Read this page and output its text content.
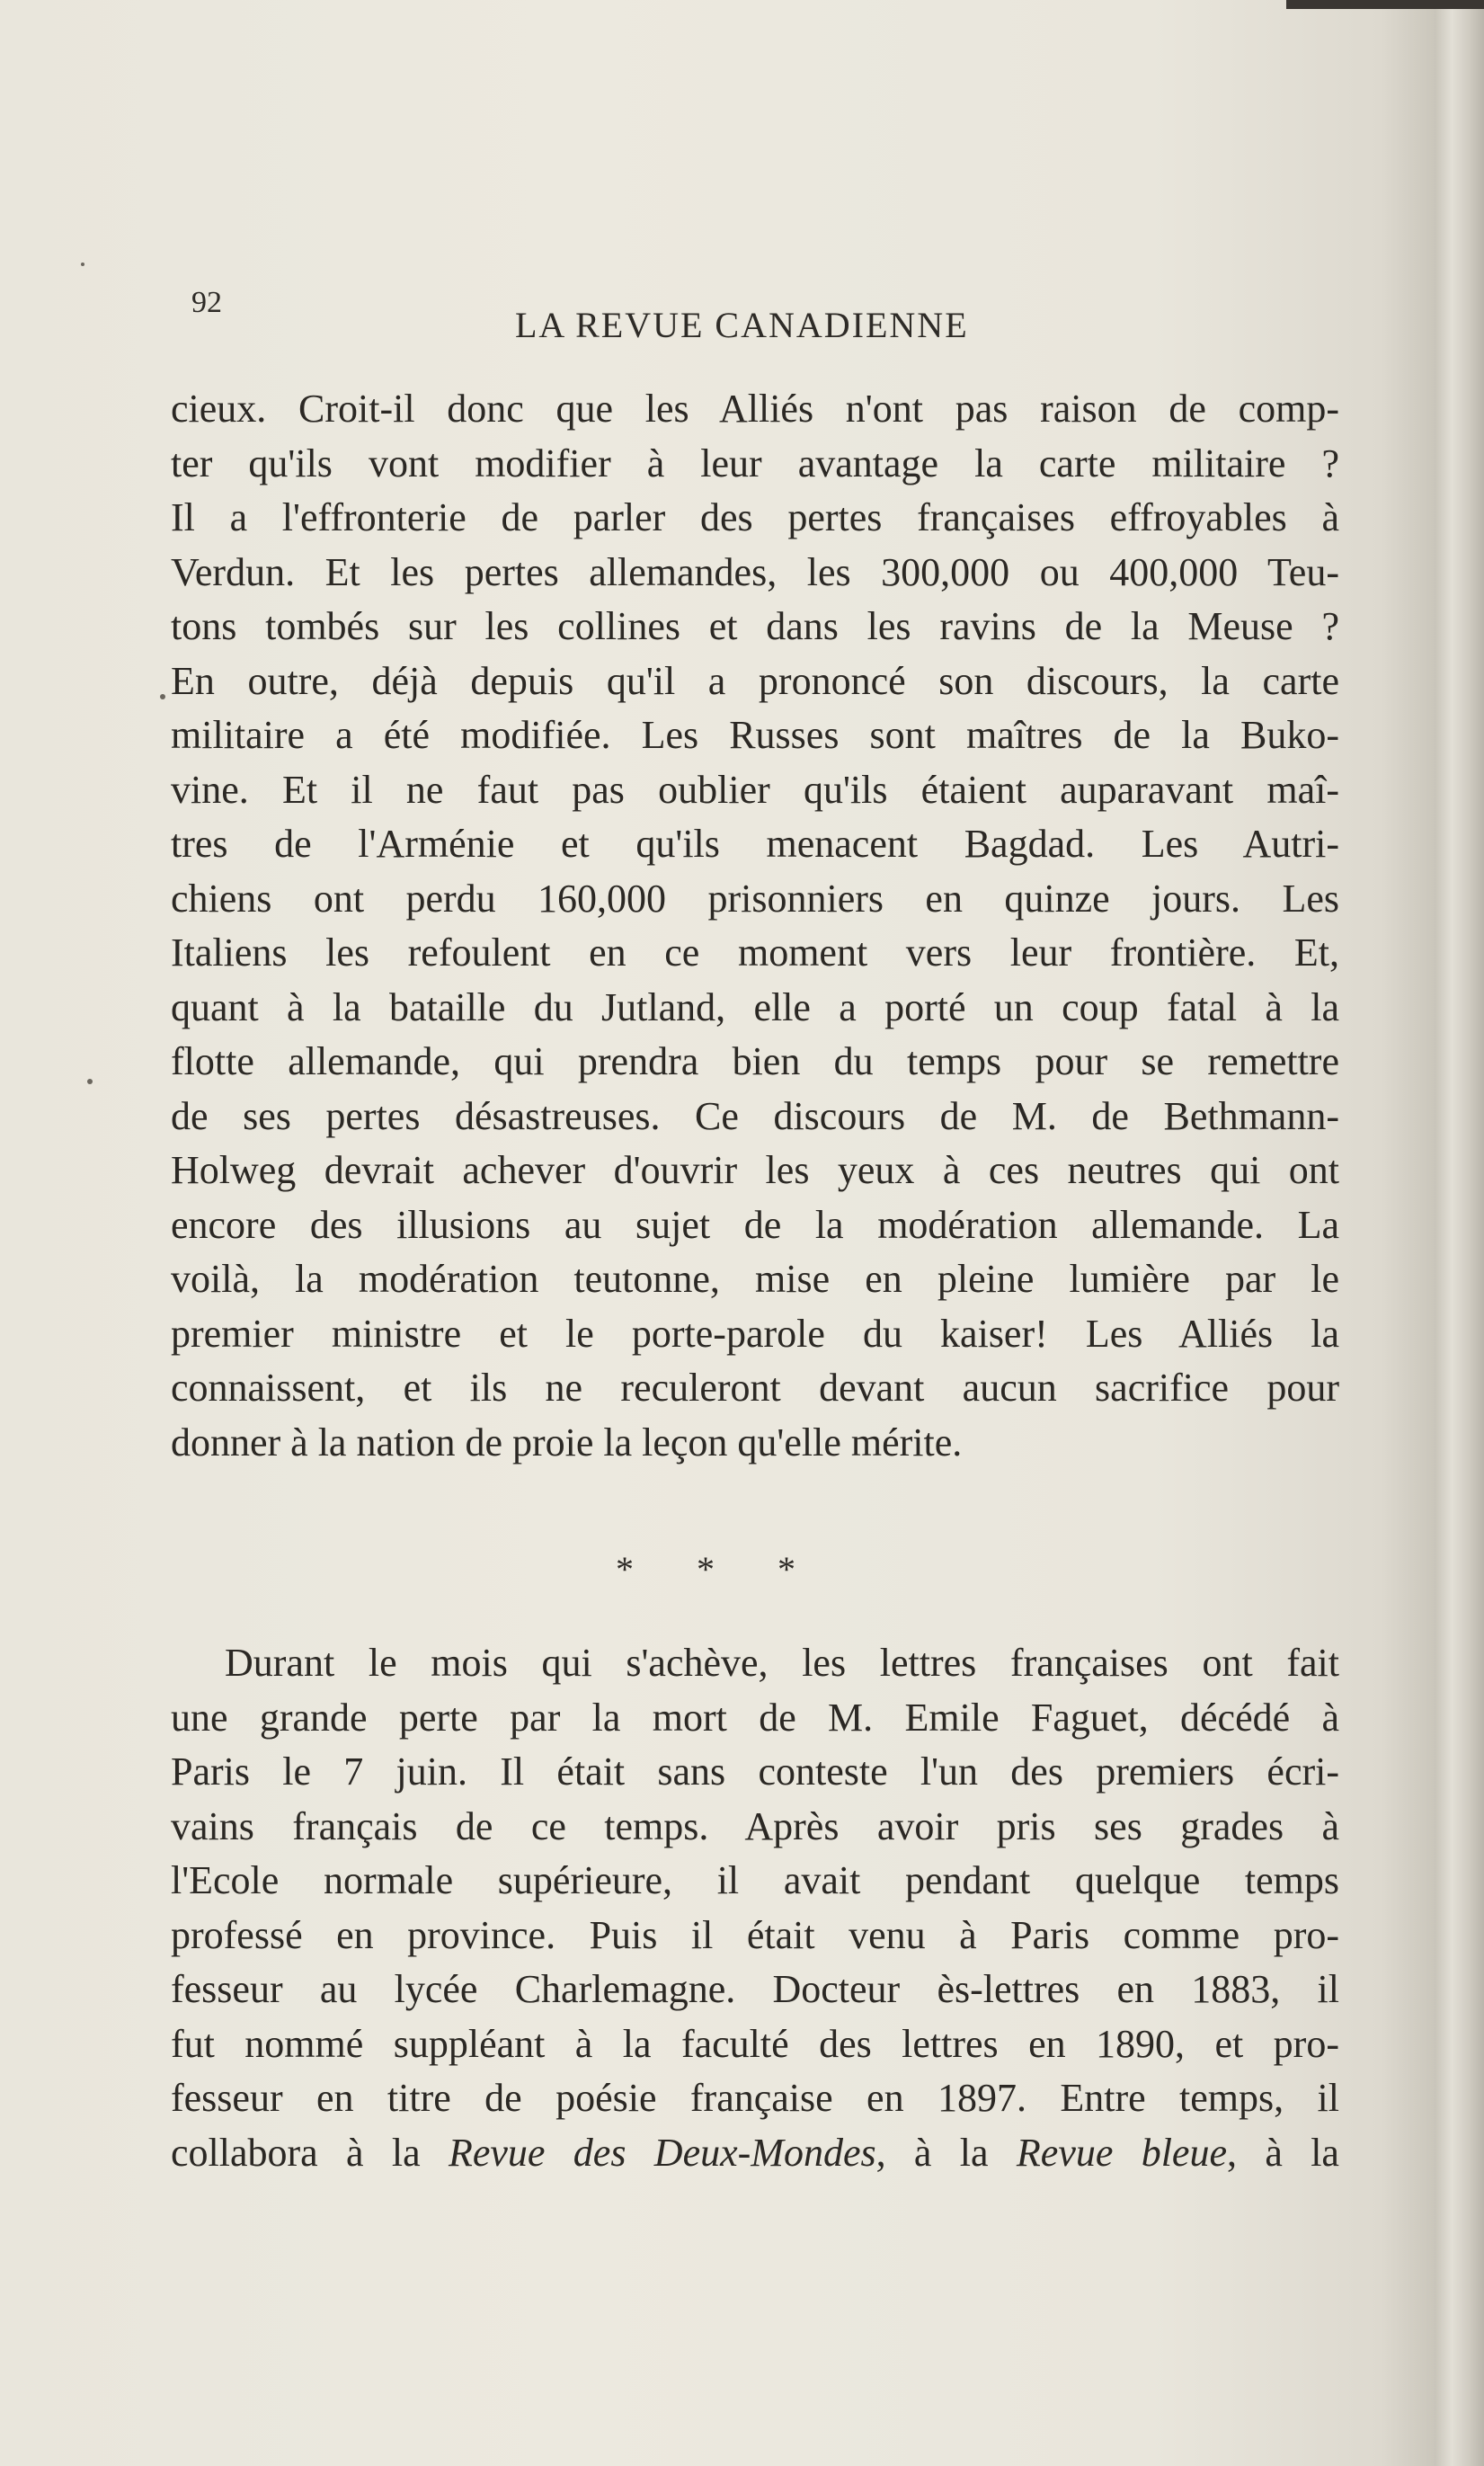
92
LA REVUE CANADIENNE
cieux. Croit-il donc que les Alliés n'ont pas raison de comp-
ter qu'ils vont modifier à leur avantage la carte militaire ?
Il a l'effronterie de parler des pertes françaises effroyables à
Verdun. Et les pertes allemandes, les 300,000 ou 400,000 Teu-
tons tombés sur les collines et dans les ravins de la Meuse ?
En outre, déjà depuis qu'il a prononcé son discours, la carte
militaire a été modifiée. Les Russes sont maîtres de la Buko-
vine. Et il ne faut pas oublier qu'ils étaient auparavant maî-
tres de l'Arménie et qu'ils menacent Bagdad. Les Autri-
chiens ont perdu 160,000 prisonniers en quinze jours. Les
Italiens les refoulent en ce moment vers leur frontière. Et,
quant à la bataille du Jutland, elle a porté un coup fatal à la
flotte allemande, qui prendra bien du temps pour se remettre
de ses pertes désastreuses. Ce discours de M. de Bethmann-
Holweg devrait achever d'ouvrir les yeux à ces neutres qui ont
encore des illusions au sujet de la modération allemande. La
voilà, la modération teutonne, mise en pleine lumière par le
premier ministre et le porte-parole du kaiser! Les Alliés la
connaissent, et ils ne reculeront devant aucun sacrifice pour
donner à la nation de proie la leçon qu'elle mérite.
* * *
Durant le mois qui s'achève, les lettres françaises ont fait
une grande perte par la mort de M. Emile Faguet, décédé à
Paris le 7 juin. Il était sans conteste l'un des premiers écri-
vains français de ce temps. Après avoir pris ses grades à
l'Ecole normale supérieure, il avait pendant quelque temps
professé en province. Puis il était venu à Paris comme pro-
fesseur au lycée Charlemagne. Docteur ès-lettres en 1883, il
fut nommé suppléant à la faculté des lettres en 1890, et pro-
fesseur en titre de poésie française en 1897. Entre temps, il
collabora à la Revue des Deux-Mondes, à la Revue bleue, à la
